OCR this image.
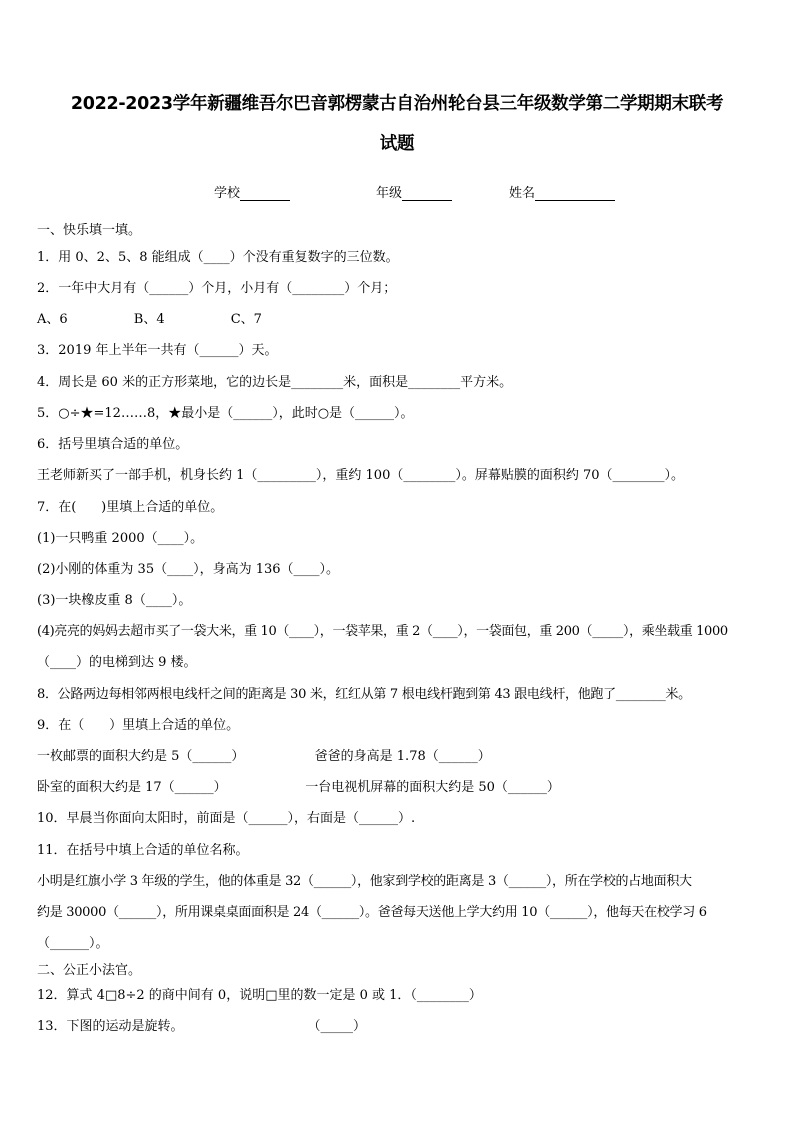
2022-2023学年新疆维吾尔巴音郭楞蒙古自治州轮台县三年级数学第二学期期末联考
试题
学校	年级	姓名
一、快乐填一填。
1．用 0、2、5、8 能组成（____）个没有重复数字的三位数。
2．一年中大月有（______）个月，小月有（________）个月；
A、6                B、4                C、7
3．2019 年上半年一共有（______）天。
4．周长是 60 米的正方形菜地，它的边长是________米，面积是________平方米。
5．○÷★=12……8，★最小是（______），此时○是（______）。
6．括号里填合适的单位。
王老师新买了一部手机，机身长约 1（_________），重约 100（________）。屏幕贴膜的面积约 70（________）。
7．在(      )里填上合适的单位。
(1)一只鸭重 2000（____）。
(2)小刚的体重为 35（____），身高为 136（____）。
(3)一块橡皮重 8（____）。
(4)亮亮的妈妈去超市买了一袋大米，重 10（____），一袋苹果，重 2（____），一袋面包，重 200（_____），乘坐载重 1000
（____）的电梯到达 9 楼。
8．公路两边每相邻两根电线杆之间的距离是 30 米，红红从第 7 根电线杆跑到第 43 跟电线杆，他跑了________米。
9．在（      ）里填上合适的单位。
一枚邮票的面积大约是 5（______）                 爸爸的身高是 1.78（______）
卧室的面积大约是 17（______）                   一台电视机屏幕的面积大约是 50（______）
10．早晨当你面向太阳时，前面是（______），右面是（______）.
11．在括号中填上合适的单位名称。
小明是红旗小学 3 年级的学生，他的体重是 32（______），他家到学校的距离是 3（______），所在学校的占地面积大
约是 30000（______），所用课桌桌面面积是 24（______）。爸爸每天送他上学大约用 10（______），他每天在校学习 6
（______）。
二、公正小法官。
12．算式 4□8÷2 的商中间有 0，说明□里的数一定是 0 或 1．（________）
13．下图的运动是旋转。                              （_____）
